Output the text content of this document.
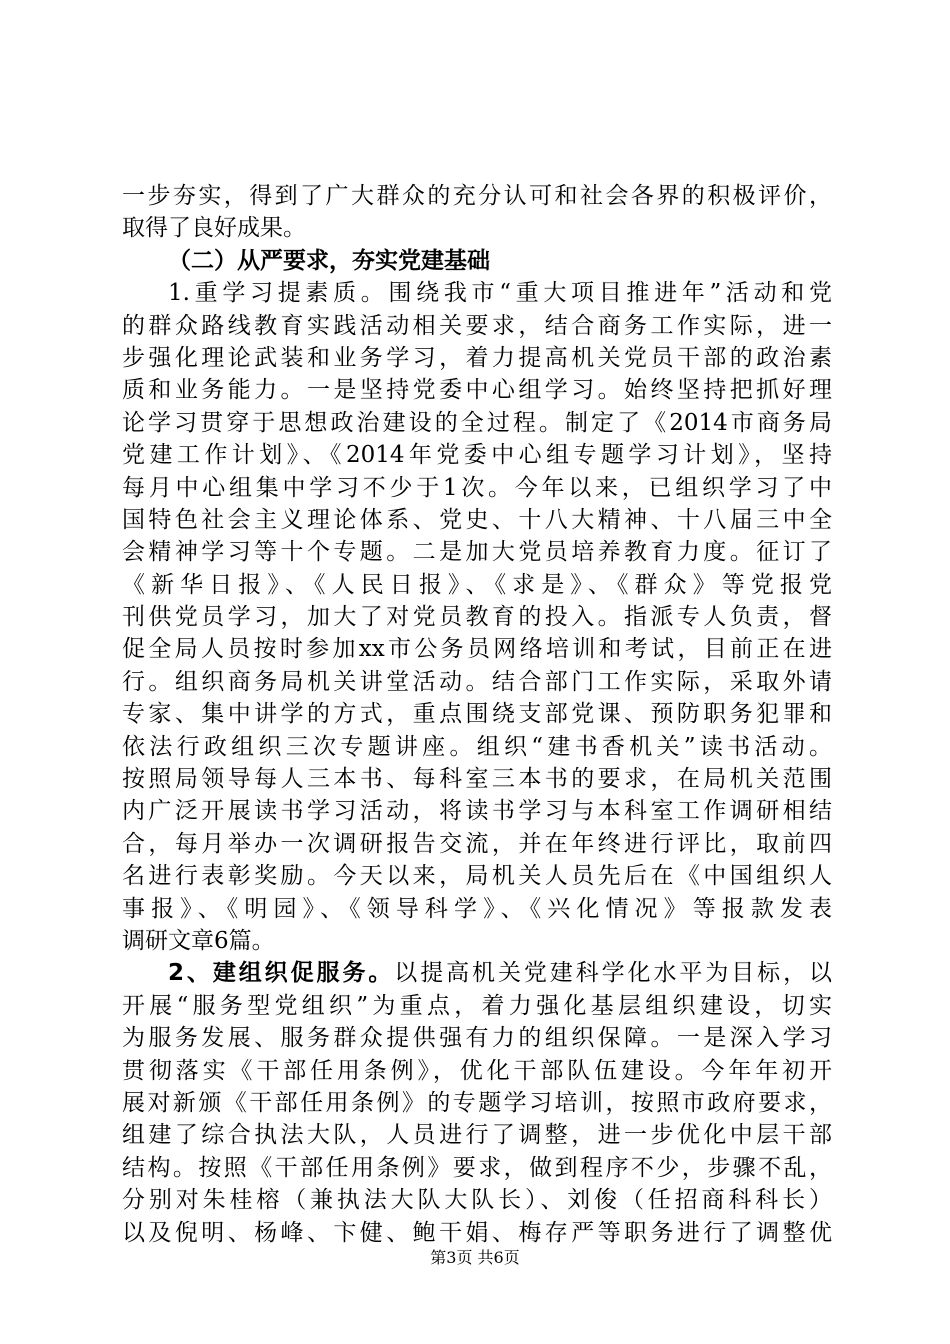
一步夯实，得到了广大群众的充分认可和社会各界的积极评价，
取得了良好成果。
（二）从严要求，夯实党建基础
1.重学习提素质。围绕我市“重大项目推进年”活动和党
的群众路线教育实践活动相关要求，结合商务工作实际，进一
步强化理论武装和业务学习，着力提高机关党员干部的政治素
质和业务能力。一是坚持党委中心组学习。始终坚持把抓好理
论学习贯穿于思想政治建设的全过程。制定了《2014市商务局
党建工作计划》、《2014年党委中心组专题学习计划》，坚持
每月中心组集中学习不少于1次。今年以来，已组织学习了中
国特色社会主义理论体系、党史、十八大精神、十八届三中全
会精神学习等十个专题。二是加大党员培养教育力度。征订了
《新华日报》、《人民日报》、《求是》、《群众》等党报党
刊供党员学习，加大了对党员教育的投入。指派专人负责，督
促全局人员按时参加xx市公务员网络培训和考试，目前正在进
行。组织商务局机关讲堂活动。结合部门工作实际，采取外请
专家、集中讲学的方式，重点围绕支部党课、预防职务犯罪和
依法行政组织三次专题讲座。组织“建书香机关”读书活动。
按照局领导每人三本书、每科室三本书的要求，在局机关范围
内广泛开展读书学习活动，将读书学习与本科室工作调研相结
合，每月举办一次调研报告交流，并在年终进行评比，取前四
名进行表彰奖励。今天以来，局机关人员先后在《中国组织人
事报》、《明园》、《领导科学》、《兴化情况》等报款发表
调研文章6篇。
2、建组织促服务。以提高机关党建科学化水平为目标，以
开展“服务型党组织”为重点，着力强化基层组织建设，切实
为服务发展、服务群众提供强有力的组织保障。一是深入学习
贯彻落实《干部任用条例》，优化干部队伍建设。今年年初开
展对新颁《干部任用条例》的专题学习培训，按照市政府要求，
组建了综合执法大队，人员进行了调整，进一步优化中层干部
结构。按照《干部任用条例》要求，做到程序不少，步骤不乱，
分别对朱桂榕（兼执法大队大队长）、刘俊（任招商科科长）
以及倪明、杨峰、卞健、鲍干娟、梅存严等职务进行了调整优
第3页 共6页
